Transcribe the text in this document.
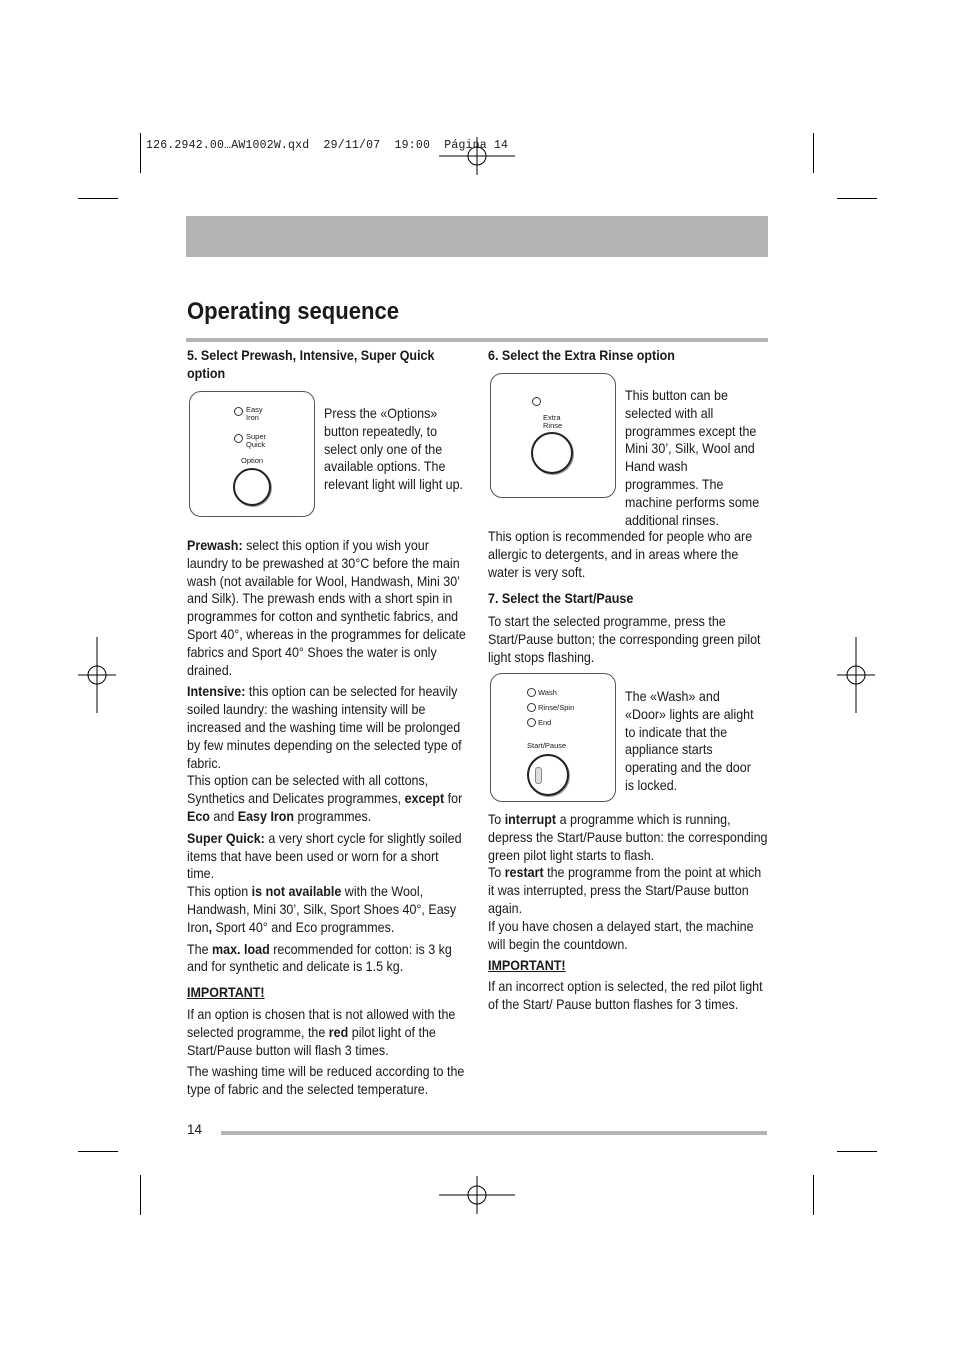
126.2942.00…AW1002W.qxd  29/11/07  19:00  Página 14
Operating sequence
5. Select Prewash, Intensive, Super Quick option
Easy
Iron
Super
Quick
Option
Press the «Options» button repeatedly, to select only one of the available options. The relevant light will light up.

Prewash: select this option if you wish your laundry to be prewashed at 30°C before the main wash (not available for Wool, Handwash, Mini 30’ and Silk). The prewash ends with a short spin in programmes for cotton and synthetic fabrics, and Sport 40°, whereas in the programmes for delicate fabrics and Sport 40° Shoes the water is only drained.

Intensive: this option can be selected for heavily soiled laundry: the washing intensity will be increased and the washing time will be prolonged by few minutes depending on the selected type of fabric.

This option can be selected with all cottons, Synthetics and Delicates programmes, except for Eco and Easy Iron programmes.

Super Quick: a very short cycle for slightly soiled items that have been used or worn for a short time.

This option is not available with the Wool, Handwash, Mini 30’, Silk, Sport Shoes 40°, Easy Iron, Sport 40° and Eco programmes.

The max. load recommended for cotton: is 3 kg and for synthetic and delicate is 1.5 kg.

IMPORTANT!

If an option is chosen that is not allowed with the selected programme, the red pilot light of the Start/Pause button will flash 3 times.

The washing time will be reduced according to the type of fabric and the selected temperature.

6. Select the Extra Rinse option
Extra
Rinse
This button can be selected with all programmes except the Mini 30’, Silk, Wool and Hand wash programmes. The machine performs some additional rinses.
This option is recommended for people who are allergic to detergents, and in areas where the water is very soft.
7. Select the Start/Pause
To start the selected programme, press the Start/Pause button; the corresponding green pilot light stops flashing.
Wash
Rinse/Spin
End
Start/Pause
The «Wash» and «Door» lights are alight to indicate that the appliance starts operating and the door is locked.

To interrupt a programme which is running, depress the Start/Pause button: the corresponding green pilot light starts to flash.

To restart the programme from the point at which it was interrupted, press the Start/Pause button again.

If you have chosen a delayed start, the machine will begin the countdown.

IMPORTANT!

If an incorrect option is selected, the red pilot light of the Start/ Pause button flashes for 3 times.

14
